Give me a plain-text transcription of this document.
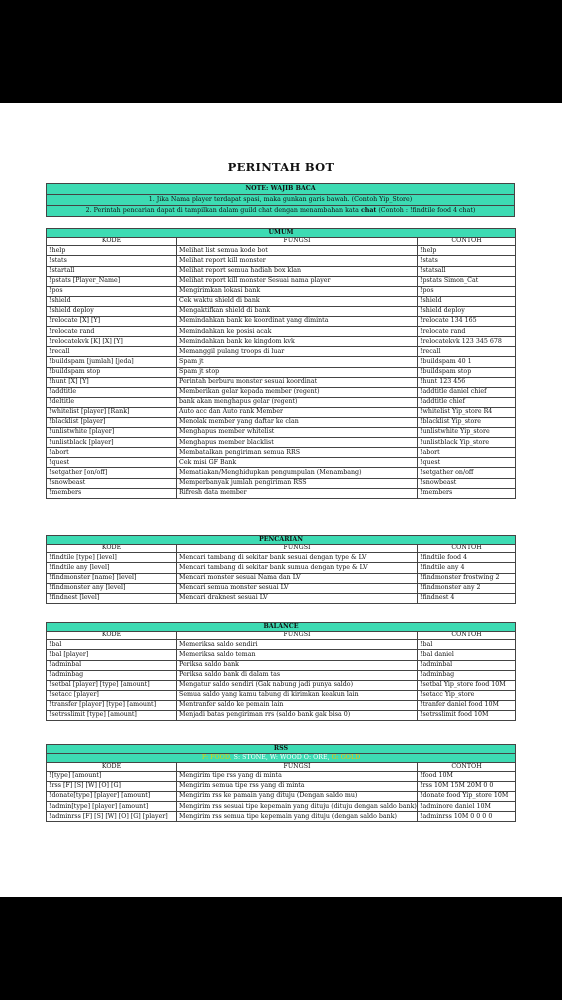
PERINTAH BOT
NOTE: WAJIB BACA
1. Jika Nama player terdapat spasi, maka gunkan garis bawah. (Contoh Yip_Store)
2. Perintah pencarian dapat di tampilkan dalam guild chat dengan menambahan kata chat (Contoh : !findtile food 4 chat)
UMUM		
KODE	FUNGSI	CONTOH
!help	Melihat list semua kode bot	!help
!stats	Melihat report kill monster	!stats
!startall	Melihat report semua hadiah box klan	!statsall
!pstats [Player_Name]	Melihat report kill monster Sesuai nama player	!pstats Simon_Cat
!pos	Mengirimkan lokasi bank	!pos
!shield	Cek waktu shield di bank	!shield
!shield deploy	Mengaktifkan shield di bank	!shield deploy
!relocate [X] [Y]	Memindahkan bank ke koordinat yang diminta	!relocate 134 165
!relocate rand	Memindahkan ke posisi acak	!relocate rand
!relocatekvk [K] [X] [Y]	Memindahkan bank ke kingdom kvk	!relocatekvk 123 345 678
!recall	Memanggil pulang troops di luar	!recall
!buildspam [jumlah] [jeda]	Spam jt	!buildspam 40 1
!buildspam stop	Spam jt stop	!buildspam stop
!hunt [X] [Y]	Perintah berburu monster sesuai koordinat	!hunt 123 456
!addtitle	Memberikan gelar kepada member (regent)	!addtitle daniel chief
!deltitle	bank akan menghapus gelar (regent)	!addtitle chief
!whitelist [player] [Rank]	Auto acc dan Auto rank Member	!whitelist Yip_store R4
!blacklist [player]	Menolak member yang daftar ke clan	!blacklist Yip_store
!unlistwhite [player]	Menghapus member whitelist	!unlistwhite Yip_store
!unlistblack [player]	Menghapus member blacklist	!unlistblack Yip_store
!abort	Membatalkan pengiriman semua RRS	!abort
!quest	Cek misi GF Bank	!quest
!setgather [on/off]	Mematiakan/Menghidupkan pengumpulan (Menambang)	!setgather on/off
!snowbeast	Memperbanyak jumlah pengiriman RSS	!snowbeast
!members	Rifresh data member	!members
PENCARIAN		
KODE	FUNGSI	CONTOH
!findtile [type] [level]	Mencari tambang di sekitar bank sesuai dengan type & LV	!findtile food 4
!findtile any [level]	Mencari tambang di sekitar bank sumua dengan type & LV	!findtile any 4
!findmonster [name] [level]	Mencari monster sesuai Nama dan LV	!findmonster frostwing 2
!findmonster any [level]	Mencari semua monster sesuai LV	!findmonster any 2
!findnest [level]	Mencari draknest sesuai LV	!findnest 4
BALANCE		
KODE	FUNGSI	CONTOH
!bal	Memeriksa saldo sendiri	!bal
!bal [player]	Memeriksa saldo teman	!bal daniel
!adminbal	Periksa saldo bank	!adminbal
!adminbag	Periksa saldo bank di dalam tas	!adminbag
!setbal [player] [type] [amount]	Mengatur saldo sendiri (Gak nabung jadi punya saldo)	!setbal Yip_store food 10M
!setacc [player]	Semua saldo yang kamu tabung di kirimkan keakun lain	!setacc Yip_store
!transfer [player] [type] [amount]	Mentranfer saldo ke pemain lain	!tranfer daniel food 10M
!setrsslimit [type] [amount]	Menjadi batas pengiriman rrs (saldo bank gak bisa 0)	!setrsslimit food 10M
RSS		
F: FOOD, S: STONE, W: WOOD O: ORE, G: GOLD		
KODE	FUNGSI	CONTOH
![type] [amount]	Mengirim tipe rss yang di minta	!food 10M
!rss [F] [S] [W] [O] [G]	Mengirim semua tipe rss yang di minta	!rss 10M 15M 20M 0 0
!donate[type] [player] [amount]	Mengirim rss ke pamain yang dituju (Dengan saldo mu)	!donate food Yip_store 10M
!admin[type] [player] [amount]	Mengirim rss sesuai tipe kepemain yang dituju (dituju dengan saldo bank)	!adminore daniel 10M
!adminrss [F] [S] [W] [O] [G] [player]	Mengirim rss semua tipe kepemain yang dituju (dengan saldo bank)	!adminrss 10M 0 0 0 0
